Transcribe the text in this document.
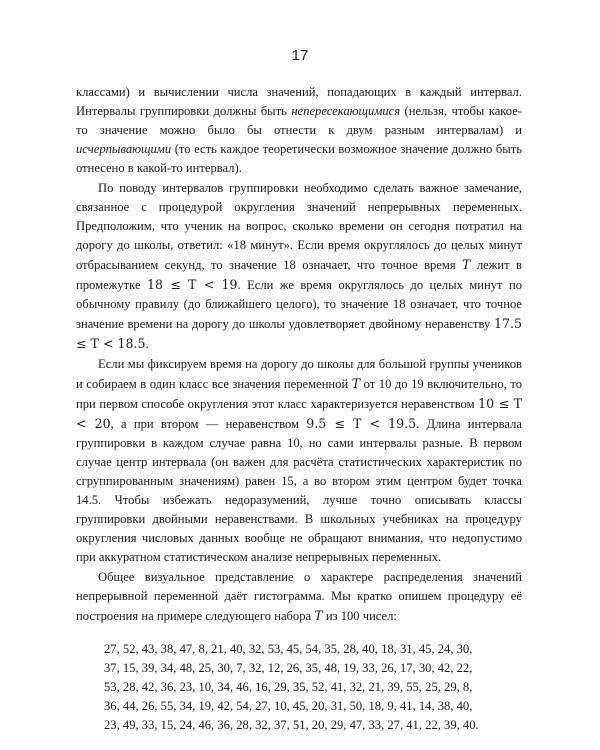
17

классами) и вычислении числа значений, попадающих в каждый интервал. Интервалы группировки должны быть непересекающимися (нельзя, чтобы какое-то значение можно было бы отнести к двум разным интервалам) и исчерпывающими (то есть каждое теоретически возможное значение должно быть отнесено в какой-то интервал).

По поводу интервалов группировки необходимо сделать важное замечание, связанное с процедурой округления значений непрерывных переменных. Предположим, что ученик на вопрос, сколько времени он сегодня потратил на дорогу до школы, ответил: «18 минут». Если время округлялось до целых минут отбрасыванием секунд, то значение 18 означает, что точное время T лежит в промежутке 18 ≤ T < 19. Если же время округлялось до целых минут по обычному правилу (до ближайшего целого), то значение 18 означает, что точное значение времени на дорогу до школы удовлетворяет двойному неравенству 17.5 ≤ T < 18.5.

Если мы фиксируем время на дорогу до школы для большой группы учеников и собираем в один класс все значения переменной T от 10 до 19 включительно, то при первом способе округления этот класс характеризуется неравенством 10 ≤ T < 20, а при втором — неравенством 9.5 ≤ T < 19.5. Длина интервала группировки в каждом случае равна 10, но сами интервалы разные. В первом случае центр интервала (он важен для расчёта статистических характеристик по сгруппированным значениям) равен 15, а во втором этим центром будет точка 14.5. Чтобы избежать недоразумений, лучше точно описывать классы группировки двойными неравенствами. В школьных учебниках на процедуру округления числовых данных вообще не обращают внимания, что недопустимо при аккуратном статистическом анализе непрерывных переменных.

Общее визуальное представление о характере распределения значений непрерывной переменной даёт гистограмма. Мы кратко опишем процедуру её построения на примере следующего набора T из 100 чисел:

27, 52, 43, 38, 47, 8, 21, 40, 32, 53, 45, 54, 35, 28, 40, 18, 31, 45, 24, 30,
37, 15, 39, 34, 48, 25, 30, 7, 32, 12, 26, 35, 48, 19, 33, 26, 17, 30, 42, 22,
53, 28, 42, 36, 23, 10, 34, 46, 16, 29, 35, 52, 41, 32, 21, 39, 55, 25, 29, 8,
36, 44, 26, 55, 34, 19, 42, 54, 27, 10, 45, 20, 31, 50, 18, 9, 41, 14, 38, 40,
23, 49, 33, 15, 24, 46, 36, 28, 32, 37, 51, 20, 29, 47, 33, 27, 41, 22, 39, 40.
